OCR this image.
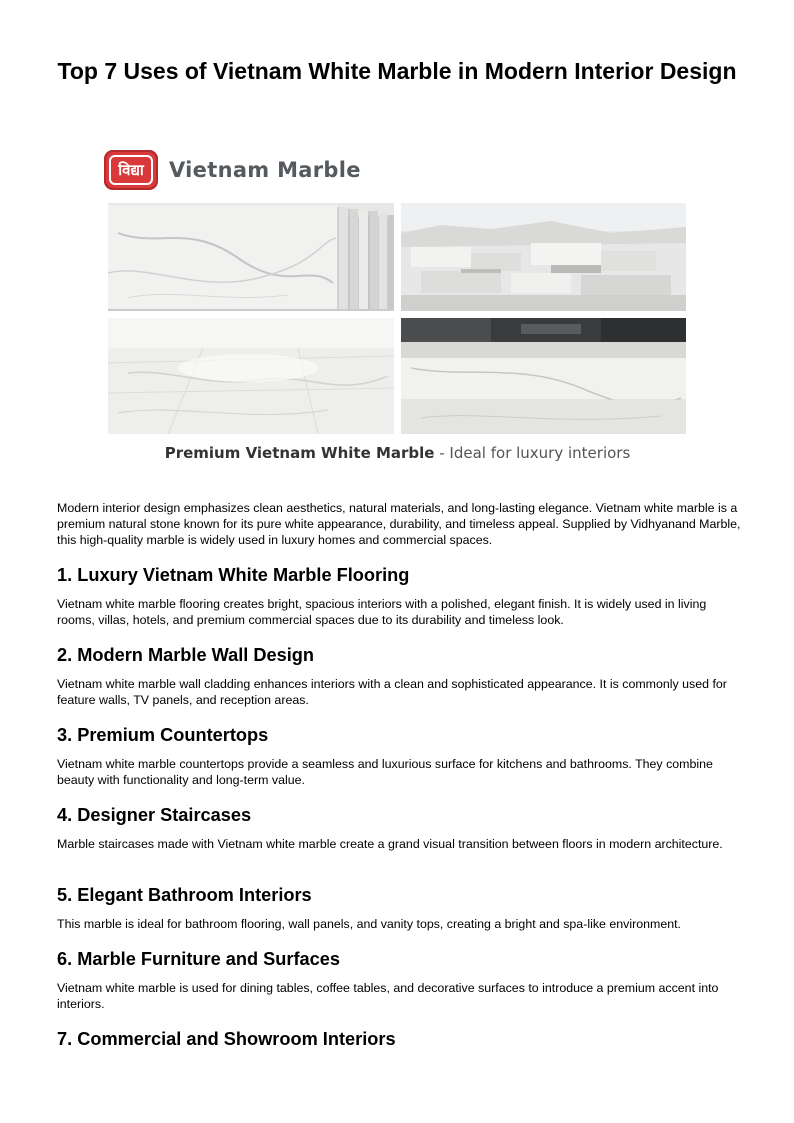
Top 7 Uses of Vietnam White Marble in Modern Interior Design
विद्या	Vietnam Marble
Premium Vietnam White Marble - Ideal for luxury interiors

Modern interior design emphasizes clean aesthetics, natural materials, and long-lasting elegance. Vietnam white marble is a premium natural stone known for its pure white appearance, durability, and timeless appeal. Supplied by Vidhyanand Marble, this high-quality marble is widely used in luxury homes and commercial spaces.

1. Luxury Vietnam White Marble Flooring

Vietnam white marble flooring creates bright, spacious interiors with a polished, elegant finish. It is widely used in living rooms, villas, hotels, and premium commercial spaces due to its durability and timeless look.

2. Modern Marble Wall Design

Vietnam white marble wall cladding enhances interiors with a clean and sophisticated appearance. It is commonly used for feature walls, TV panels, and reception areas.

3. Premium Countertops

Vietnam white marble countertops provide a seamless and luxurious surface for kitchens and bathrooms. They combine beauty with functionality and long-term value.

4. Designer Staircases

Marble staircases made with Vietnam white marble create a grand visual transition between floors in modern architecture.

5. Elegant Bathroom Interiors

This marble is ideal for bathroom flooring, wall panels, and vanity tops, creating a bright and spa-like environment.

6. Marble Furniture and Surfaces

Vietnam white marble is used for dining tables, coffee tables, and decorative surfaces to introduce a premium accent into interiors.

7. Commercial and Showroom Interiors
